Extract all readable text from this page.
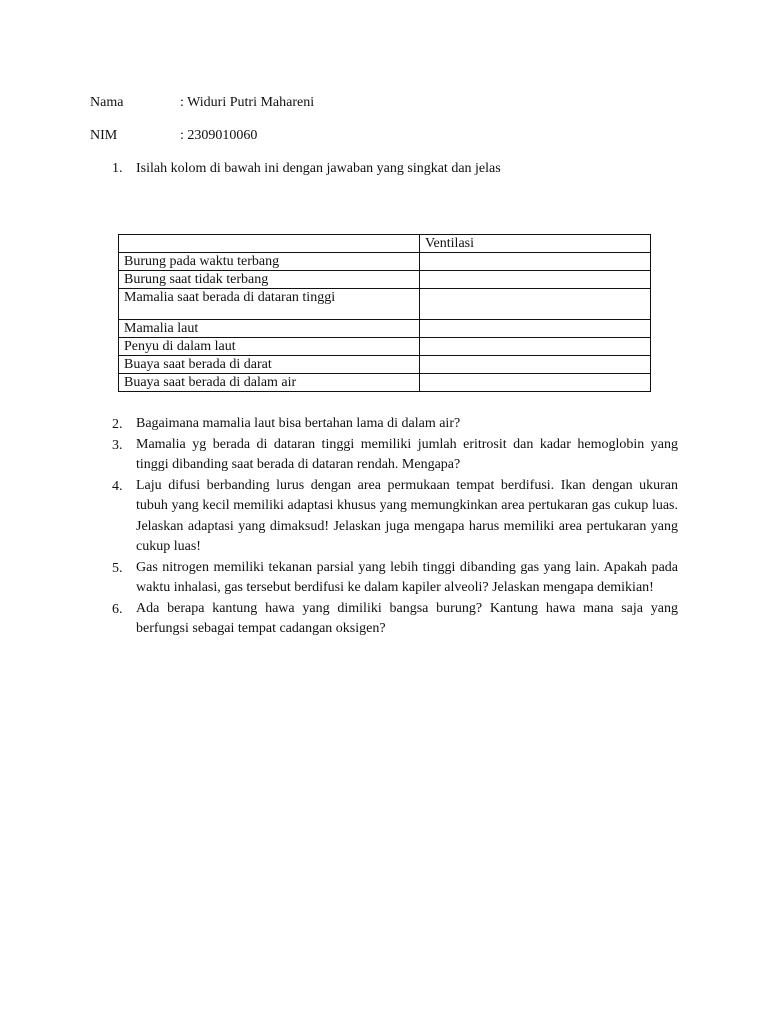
Nama	: Widuri Putri Mahareni
NIM	: 2309010060
1. Isilah kolom di bawah ini dengan jawaban yang singkat dan jelas
	Ventilasi
Burung pada waktu terbang	
Burung saat tidak terbang	
Mamalia saat berada di dataran tinggi	
Mamalia laut	
Penyu di dalam laut	
Buaya saat berada di darat	
Buaya saat berada di dalam air	
2. Bagaimana mamalia laut bisa bertahan lama di dalam air?
3. Mamalia yg berada di dataran tinggi memiliki jumlah eritrosit dan kadar hemoglobin yang tinggi dibanding saat berada di dataran rendah. Mengapa?
4. Laju difusi berbanding lurus dengan area permukaan tempat berdifusi. Ikan dengan ukuran tubuh yang kecil memiliki adaptasi khusus yang memungkinkan area pertukaran gas cukup luas. Jelaskan adaptasi yang dimaksud! Jelaskan juga mengapa harus memiliki area pertukaran yang cukup luas!
5. Gas nitrogen memiliki tekanan parsial yang lebih tinggi dibanding gas yang lain. Apakah pada waktu inhalasi, gas tersebut berdifusi ke dalam kapiler alveoli? Jelaskan mengapa demikian!
6. Ada berapa kantung hawa yang dimiliki bangsa burung? Kantung hawa mana saja yang berfungsi sebagai tempat cadangan oksigen?
